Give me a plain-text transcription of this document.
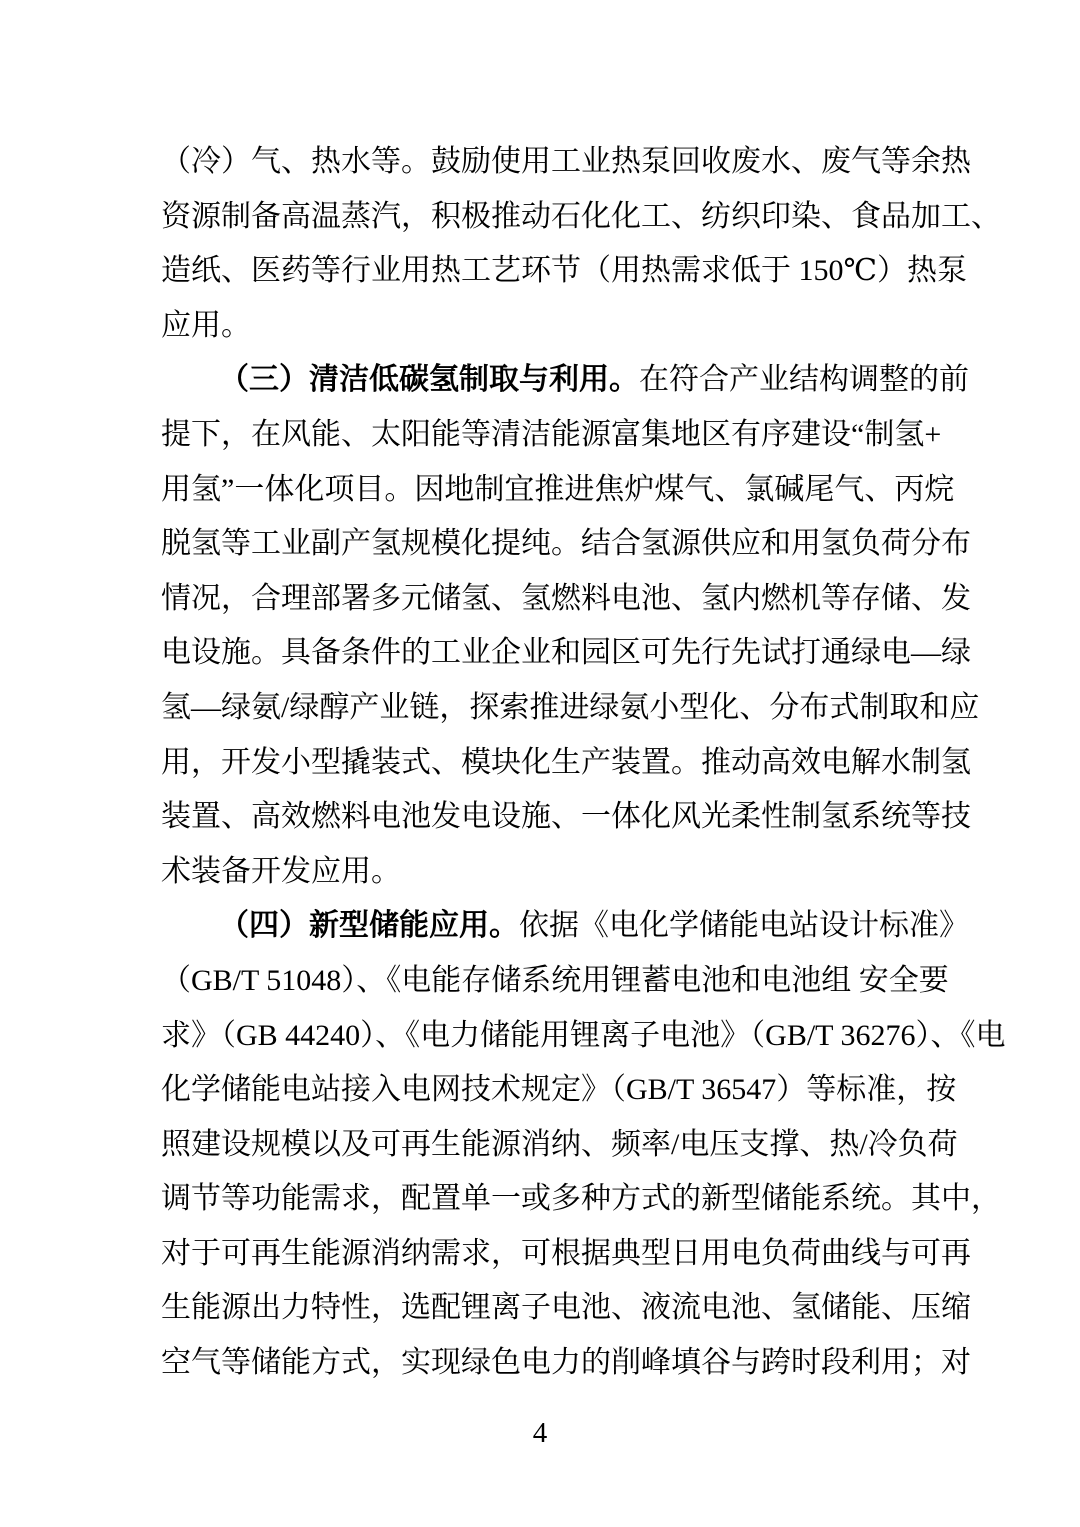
（冷）气、热水等。鼓励使用工业热泵回收废水、废气等余热
资源制备高温蒸汽，积极推动石化化工、纺织印染、食品加工、
造纸、医药等行业用热工艺环节（用热需求低于 150℃）热泵
应用。
（三）清洁低碳氢制取与利用。在符合产业结构调整的前
提下，在风能、太阳能等清洁能源富集地区有序建设“制氢+
用氢”一体化项目。因地制宜推进焦炉煤气、氯碱尾气、丙烷
脱氢等工业副产氢规模化提纯。结合氢源供应和用氢负荷分布
情况，合理部署多元储氢、氢燃料电池、氢内燃机等存储、发
电设施。具备条件的工业企业和园区可先行先试打通绿电—绿
氢—绿氨/绿醇产业链，探索推进绿氨小型化、分布式制取和应
用，开发小型撬装式、模块化生产装置。推动高效电解水制氢
装置、高效燃料电池发电设施、一体化风光柔性制氢系统等技
术装备开发应用。
（四）新型储能应用。依据《电化学储能电站设计标准》
（GB/T 51048）、《电能存储系统用锂蓄电池和电池组 安全要
求》（GB 44240）、《电力储能用锂离子电池》（GB/T 36276）、《电
化学储能电站接入电网技术规定》（GB/T 36547）等标准，按
照建设规模以及可再生能源消纳、频率/电压支撑、热/冷负荷
调节等功能需求，配置单一或多种方式的新型储能系统。其中，
对于可再生能源消纳需求，可根据典型日用电负荷曲线与可再
生能源出力特性，选配锂离子电池、液流电池、氢储能、压缩
空气等储能方式，实现绿色电力的削峰填谷与跨时段利用；对
4
